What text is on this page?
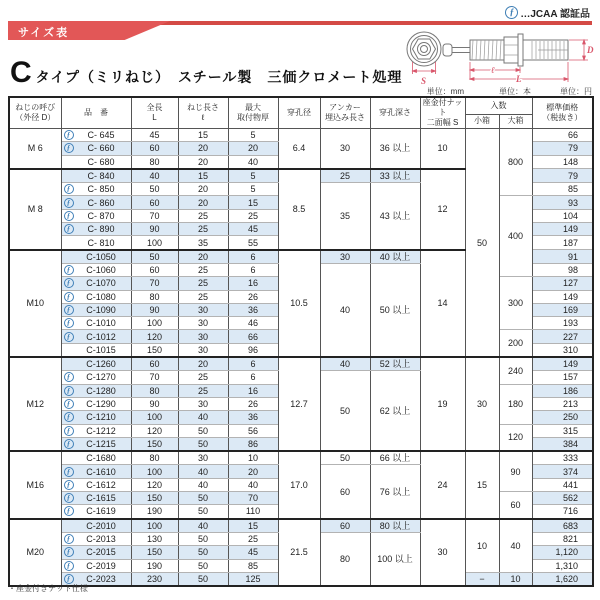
ƒ …JCAA 認証品
サイズ表
S
D
ℓ
L
C タイプ（ミリねじ）　スチール製　三価クロメート処理
単位：mm	単位：本	単位：円
ねじの呼び
（外径 D）
	品　番	
全長
L

ねじ長さ
ℓ

最大
取付物厚
	穿孔径	
アンカー
埋込み長さ
	穿孔深さ	
座金付ナット
二面幅 S
	入数	標準価格
（税抜き）

									小箱	大箱	
M 6	ƒ C- 645	45	15	5	6.4	30	36 以上	10	50	800	66

	ƒ C- 660	60	20	20							79
	C- 680	80	20	40							148
M 8	C- 840	40	15	5	8.5	25	33 以上	12			79

	ƒ C- 850	50	20	5		35	43 以上				85

	ƒ C- 860	60	20	15						400	93

	ƒ C- 870	70	25	25							104

	ƒ C- 890	90	25	45							149
	C- 810	100	35	55							187
M10	C-1050	50	20	6	10.5	30	40 以上	14			91

	ƒ C-1060	60	25	6		40	50 以上				98

	ƒ C-1070	70	25	16						300	127

	ƒ C-1080	80	25	26							149

	ƒ C-1090	90	30	36							169

	ƒ C-1010	100	30	46							193

	ƒ C-1012	120	30	66						200	227
	C-1015	150	30	96							310
M12	C-1260	60	20	6	12.7	40	52 以上	19	30	240	149

	ƒ C-1270	70	25	6		50	62 以上				157

	ƒ C-1280	80	25	16						180	186

	ƒ C-1290	90	30	26							213

	ƒ C-1210	100	40	36							250

	ƒ C-1212	120	50	56						120	315

	ƒ C-1215	150	50	86							384
M16	C-1680	80	30	10	17.0	50	66 以上	24	15	90	333

	ƒ C-1610	100	40	20		60	76 以上				374

	ƒ C-1612	120	40	40							441

	ƒ C-1615	150	50	70						60	562

	ƒ C-1619	190	50	110							716
M20	C-2010	100	40	15	21.5	60	80 以上	30	10	40	683

	ƒ C-2013	130	50	25		80	100 以上				821

	ƒ C-2015	150	50	45							1,120

	ƒ C-2019	190	50	85							1,310

	ƒ C-2023	230	50	125					−	10	1,620
・座金付きナット仕様
